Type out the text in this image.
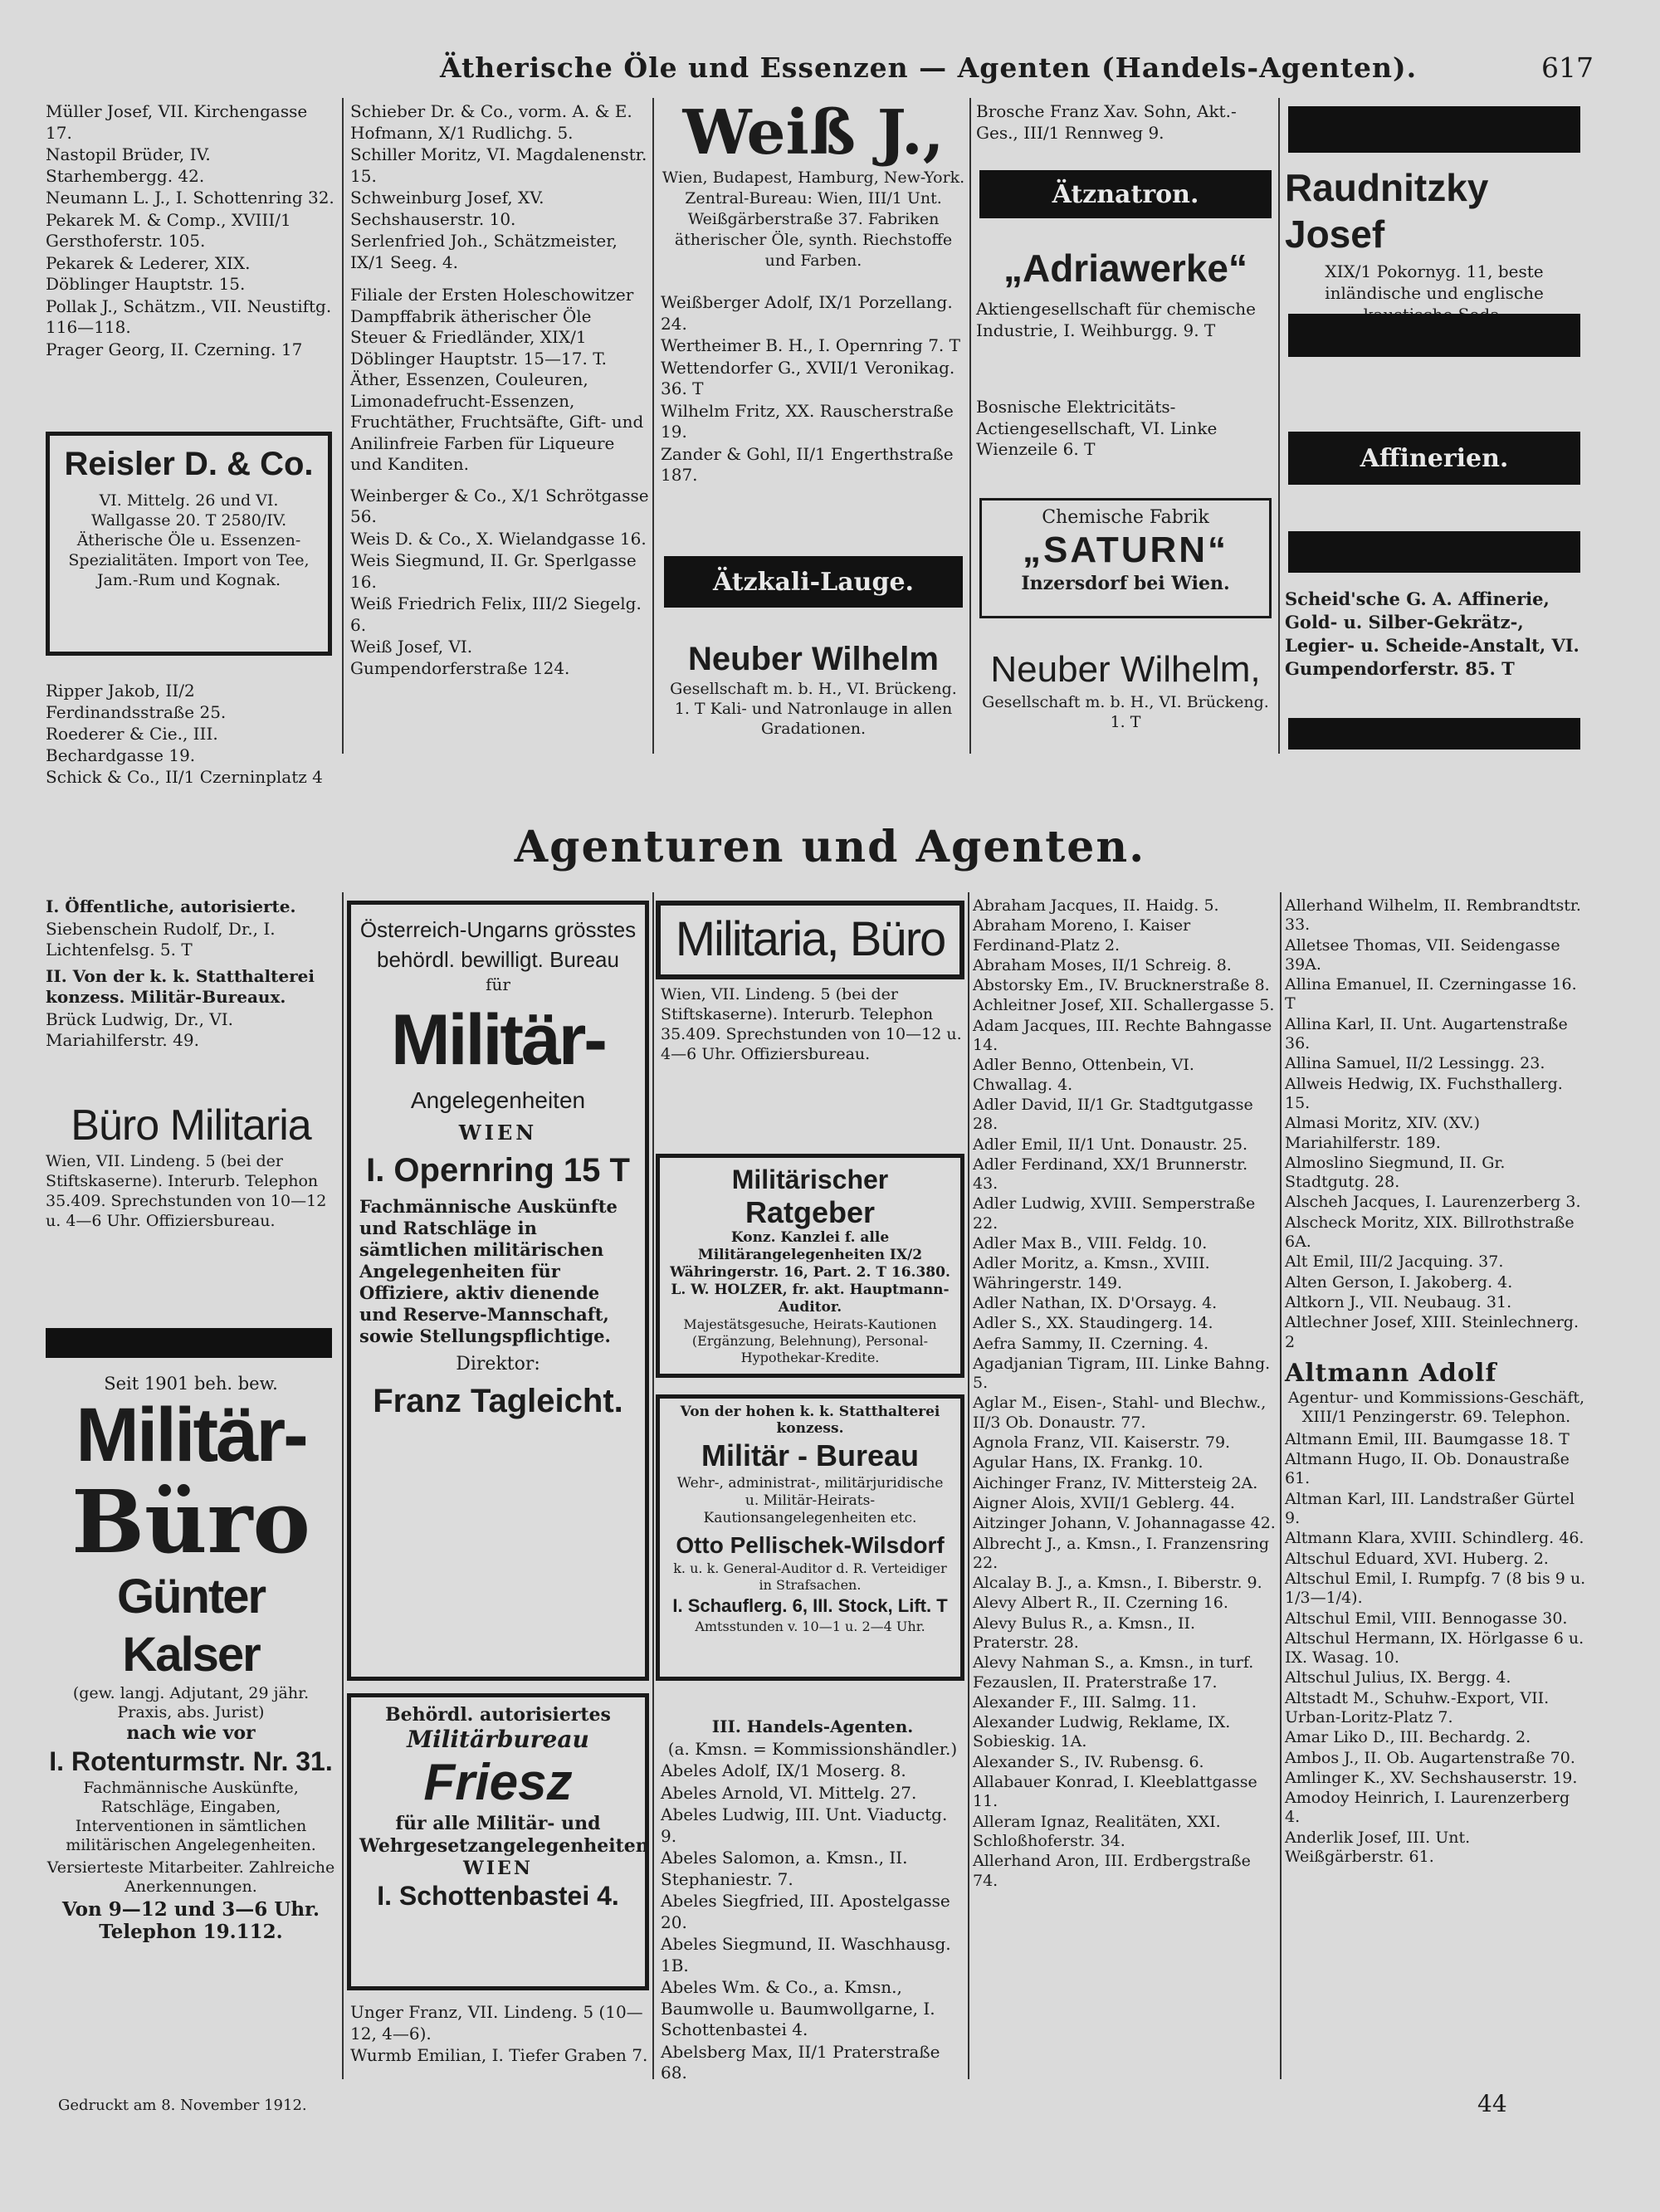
Ätherische Öle und Essenzen — Agenten (Handels-Agenten).	617

Müller Josef, VII. Kirchengasse 17.

Nastopil Brüder, IV. Starhembergg. 42.

Neumann L. J., I. Schottenring 32.

Pekarek M. & Comp., XVIII/1 Gersthoferstr. 105.

Pekarek & Lederer, XIX. Döblinger Hauptstr. 15.

Pollak J., Schätzm., VII. Neustiftg. 116—118.

Prager Georg, II. Czerning. 17

Reisler D. & Co.
VI. Mittelg. 26 und VI. Wallgasse 20. T 2580/IV. Ätherische Öle u. Essenzen-Spezialitäten. Import von Tee, Jam.-Rum und Kognak.

Ripper Jakob, II/2 Ferdinandsstraße 25.

Roederer & Cie., III. Bechardgasse 19.

Schick & Co., II/1 Czerninplatz 4

Schieber Dr. & Co., vorm. A. & E. Hofmann, X/1 Rudlichg. 5.

Schiller Moritz, VI. Magdalenenstr. 15.

Schweinburg Josef, XV. Sechshauserstr. 10.

Serlenfried Joh., Schätzmeister, IX/1 Seeg. 4.

Filiale der Ersten Holeschowitzer Dampffabrik ätherischer Öle Steuer & Friedländer, XIX/1 Döblinger Hauptstr. 15—17. T. Äther, Essenzen, Couleuren, Limonadefrucht-Essenzen, Fruchtäther, Fruchtsäfte, Gift- und Anilinfreie Farben für Liqueure und Kanditen.

Weinberger & Co., X/1 Schrötgasse 56.

Weis D. & Co., X. Wielandgasse 16.

Weis Siegmund, II. Gr. Sperlgasse 16.

Weiß Friedrich Felix, III/2 Siegelg. 6.

Weiß Josef, VI. Gumpendorferstraße 124.

Weiß J.,
Wien, Budapest, Hamburg, New-York. Zentral-Bureau: Wien, III/1 Unt. Weißgärberstraße 37. Fabriken ätherischer Öle, synth. Riechstoffe und Farben.

Weißberger Adolf, IX/1 Porzellang. 24.

Wertheimer B. H., I. Opernring 7. T

Wettendorfer G., XVII/1 Veronikag. 36. T

Wilhelm Fritz, XX. Rauscherstraße 19.

Zander & Gohl, II/1 Engerthstraße 187.

Ätzkali-Lauge.
Neuber Wilhelm
Gesellschaft m. b. H., VI. Brückeng. 1. T Kali- und Natronlauge in allen Gradationen.

Brosche Franz Xav. Sohn, Akt.-Ges., III/1 Rennweg 9.

Ätznatron.
„Adriawerke“
Aktiengesellschaft für chemische Industrie, I. Weihburgg. 9. T

Bosnische Elektricitäts-Actiengesellschaft, VI. Linke Wienzeile 6. T

Chemische Fabrik
„SATURN“
Inzersdorf bei Wien.
Neuber Wilhelm,
Gesellschaft m. b. H., VI. Brückeng. 1. T
Raudnitzky Josef
XIX/1 Pokornyg. 11, beste inländische und englische
Affinerien.

Scheid'sche G. A. Affinerie, Gold- u. Silber-Gekrätz-, Legier- u. Scheide-Anstalt, VI. Gumpendorferstr. 85. T

Agenturen und Agenten.

I. Öffentliche, autorisierte.

Siebenschein Rudolf, Dr., I. Lichtenfelsg. 5. T

II. Von der k. k. Statthalterei konzess. Militär-Bureaux.

Brück Ludwig, Dr., VI. Mariahilferstr. 49.

Büro Militaria
Wien, VII. Lindeng. 5 (bei der Stiftskaserne). Interurb. Telephon 35.409. Sprechstunden von 10—12 u. 4—6 Uhr. Offiziersbureau.
Seit 1901 beh. bew.
Militär-
Büro
Günter Kalser
(gew. langj. Adjutant, 29 jähr. Praxis, abs. Jurist)
nach wie vor
I. Rotenturmstr. Nr. 31.
Fachmännische Auskünfte, Ratschläge, Eingaben, Interventionen in sämtlichen militärischen Angelegenheiten.
Versierteste Mitarbeiter. Zahlreiche Anerkennungen.
Von 9—12 und 3—6 Uhr.
Telephon 19.112.
Österreich-Ungarns grösstes behördl. bewilligt. Bureau
für
Militär-
Angelegenheiten
WIEN
I. Opernring 15 T
Fachmännische Auskünfte und Ratschläge in sämtlichen militärischen Angelegenheiten für Offiziere, aktiv dienende und Reserve-Mannschaft, sowie Stellungspflichtige.
Direktor:
Franz Tagleicht.
Behördl. autorisiertes
Militärbureau
Friesz
für alle Militär- und Wehrgesetzangelegenheiten
WIEN
I. Schottenbastei 4.

Unger Franz, VII. Lindeng. 5 (10—12, 4—6).

Wurmb Emilian, I. Tiefer Graben 7.

Militaria, Büro
Wien, VII. Lindeng. 5 (bei der Stiftskaserne). Interurb. Telephon 35.409. Sprechstunden von 10—12 u. 4—6 Uhr. Offiziersbureau.
Militärischer
Ratgeber
Konz. Kanzlei f. alle Militärangelegenheiten IX/2 Währingerstr. 16, Part. 2. T 16.380.
L. W. HOLZER, fr. akt. Hauptmann-Auditor.
Majestätsgesuche, Heirats-Kautionen (Ergänzung, Belehnung), Personal-Hypothekar-Kredite.
Von der hohen k. k. Statthalterei konzess.
Militär - Bureau
Wehr-, administrat-, militärjuridische u. Militär-Heirats-Kautionsangelegenheiten etc.
Otto Pellischek-Wilsdorf
k. u. k. General-Auditor d. R. Verteidiger in Strafsachen.
I. Schauflerg. 6, III. Stock, Lift. T
Amtsstunden v. 10—1 u. 2—4 Uhr.

III. Handels-Agenten.

(a. Kmsn. = Kommissionshändler.)

Abeles Adolf, IX/1 Moserg. 8.

Abeles Arnold, VI. Mittelg. 27.

Abeles Ludwig, III. Unt. Viaductg. 9.

Abeles Salomon, a. Kmsn., II. Stephaniestr. 7.

Abeles Siegfried, III. Apostelgasse 20.

Abeles Siegmund, II. Waschhausg. 1B.

Abeles Wm. & Co., a. Kmsn., Baumwolle u. Baumwollgarne, I. Schottenbastei 4.

Abelsberg Max, II/1 Praterstraße 68.

Abraham Jacques, II. Haidg. 5.

Abraham Moreno, I. Kaiser Ferdinand-Platz 2.

Abraham Moses, II/1 Schreig. 8.

Abstorsky Em., IV. Brucknerstraße 8.

Achleitner Josef, XII. Schallergasse 5.

Adam Jacques, III. Rechte Bahngasse 14.

Adler Benno, Ottenbein, VI. Chwallag. 4.

Adler David, II/1 Gr. Stadtgutgasse 28.

Adler Emil, II/1 Unt. Donaustr. 25.

Adler Ferdinand, XX/1 Brunnerstr. 43.

Adler Ludwig, XVIII. Semperstraße 22.

Adler Max B., VIII. Feldg. 10.

Adler Moritz, a. Kmsn., XVIII. Währingerstr. 149.

Adler Nathan, IX. D'Orsayg. 4.

Adler S., XX. Staudingerg. 14.

Aefra Sammy, II. Czerning. 4.

Agadjanian Tigram, III. Linke Bahng. 5.

Aglar M., Eisen-, Stahl- und Blechw., II/3 Ob. Donaustr. 77.

Agnola Franz, VII. Kaiserstr. 79.

Agular Hans, IX. Frankg. 10.

Aichinger Franz, IV. Mittersteig 2A.

Aigner Alois, XVII/1 Geblerg. 44.

Aitzinger Johann, V. Johannagasse 42.

Albrecht J., a. Kmsn., I. Franzensring 22.

Alcalay B. J., a. Kmsn., I. Biberstr. 9.

Alevy Albert R., II. Czerning 16.

Alevy Bulus R., a. Kmsn., II. Praterstr. 28.

Alevy Nahman S., a. Kmsn., in turf. Fezauslen, II. Praterstraße 17.

Alexander F., III. Salmg. 11.

Alexander Ludwig, Reklame, IX. Sobieskig. 1A.

Alexander S., IV. Rubensg. 6.

Allabauer Konrad, I. Kleeblattgasse 11.

Alleram Ignaz, Realitäten, XXI. Schloßhoferstr. 34.

Allerhand Aron, III. Erdbergstraße 74.

Allerhand Wilhelm, II. Rembrandtstr. 33.

Alletsee Thomas, VII. Seidengasse 39A.

Allina Emanuel, II. Czerningasse 16. T

Allina Karl, II. Unt. Augartenstraße 36.

Allina Samuel, II/2 Lessingg. 23.

Allweis Hedwig, IX. Fuchsthallerg. 15.

Almasi Moritz, XIV. (XV.) Mariahilferstr. 189.

Almoslino Siegmund, II. Gr. Stadtgutg. 28.

Alscheh Jacques, I. Laurenzerberg 3.

Alscheck Moritz, XIX. Billrothstraße 6A.

Alt Emil, III/2 Jacquing. 37.

Alten Gerson, I. Jakoberg. 4.

Altkorn J., VII. Neubaug. 31.

Altlechner Josef, XIII. Steinlechnerg. 2

Altmann Adolf
Agentur- und Kommissions-Geschäft, XIII/1 Penzingerstr. 69. Telephon.

Altmann Emil, III. Baumgasse 18. T

Altmann Hugo, II. Ob. Donaustraße 61.

Altman Karl, III. Landstraßer Gürtel 9.

Altmann Klara, XVIII. Schindlerg. 46.

Altschul Eduard, XVI. Huberg. 2.

Altschul Emil, I. Rumpfg. 7 (8 bis 9 u. 1/3—1/4).

Altschul Emil, VIII. Bennogasse 30.

Altschul Hermann, IX. Hörlgasse 6 u. IX. Wasag. 10.

Altschul Julius, IX. Bergg. 4.

Altstadt M., Schuhw.-Export, VII. Urban-Loritz-Platz 7.

Amar Liko D., III. Bechardg. 2.

Ambos J., II. Ob. Augartenstraße 70.

Amlinger K., XV. Sechshauserstr. 19.

Amodoy Heinrich, I. Laurenzerberg 4.

Anderlik Josef, III. Unt. Weißgärberstr. 61.

Gedruckt am 8. November 1912.	44
